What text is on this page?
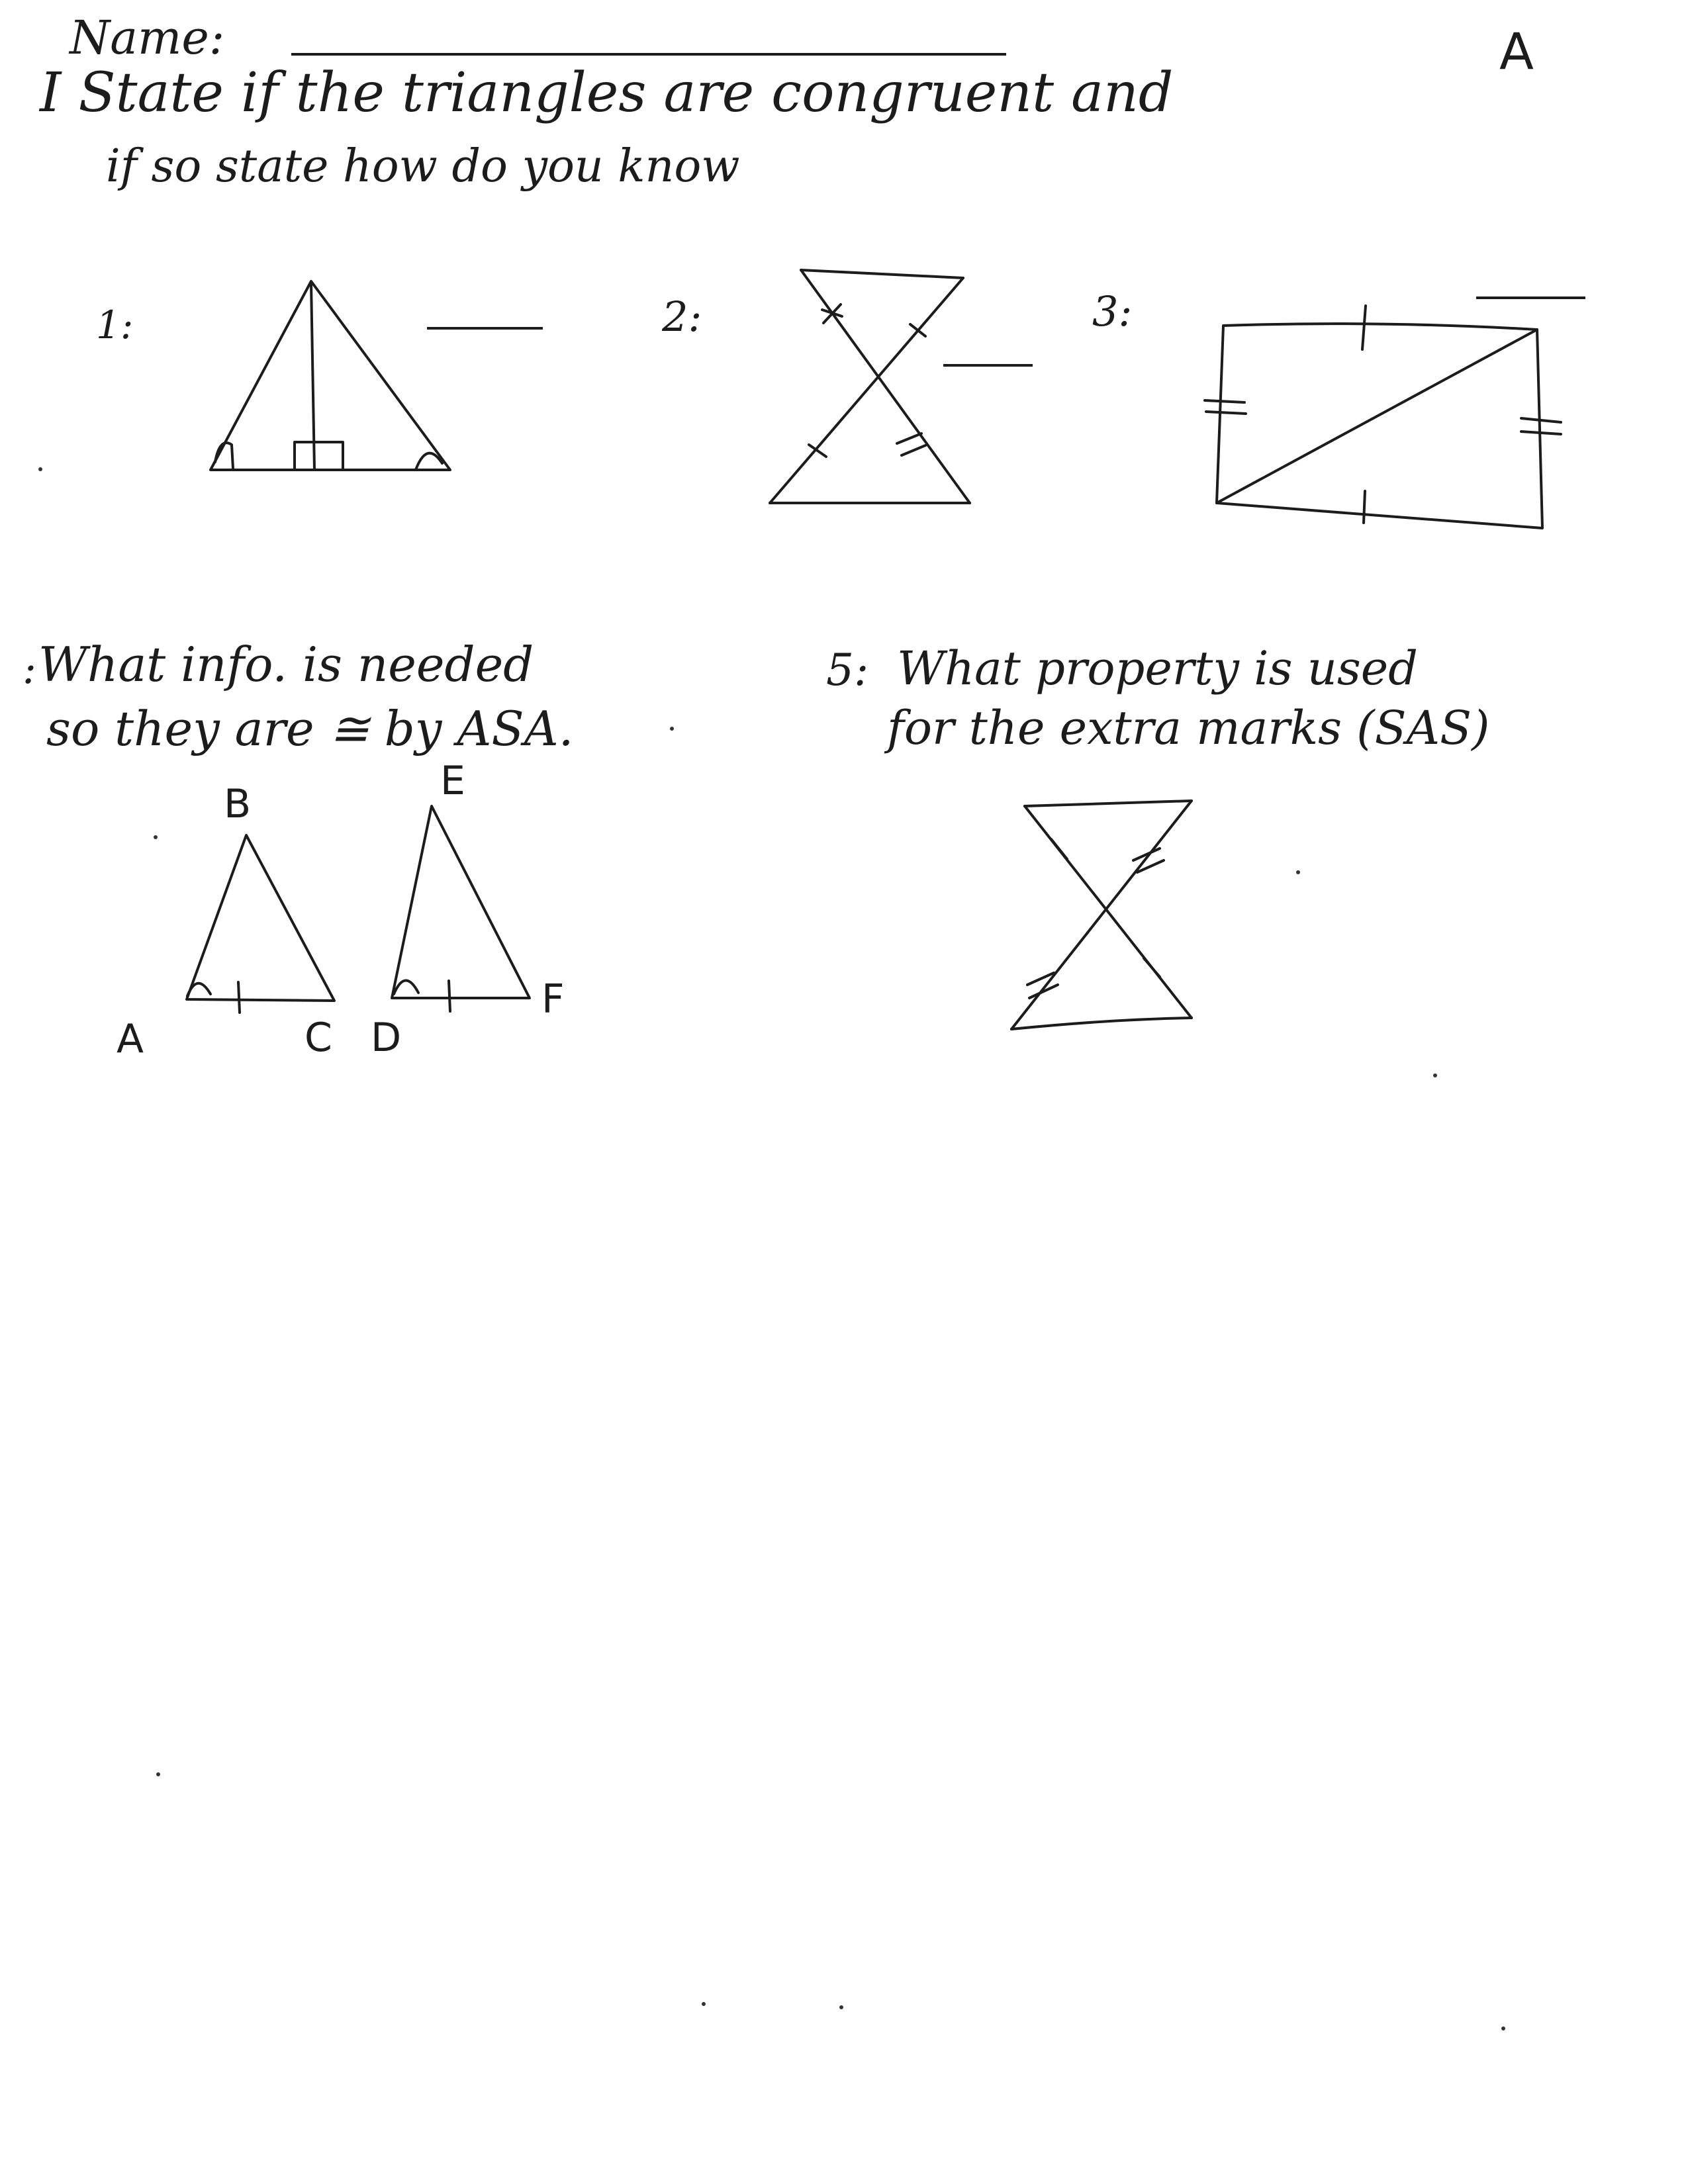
Name:	A
I State if the triangles are congruent and
if so state how do you know
1:	2:	3:
: What info. is needed
so they are ≅ by ASA.
5: What property is used
for the extra marks (SAS)
A
B
C D
E
F
